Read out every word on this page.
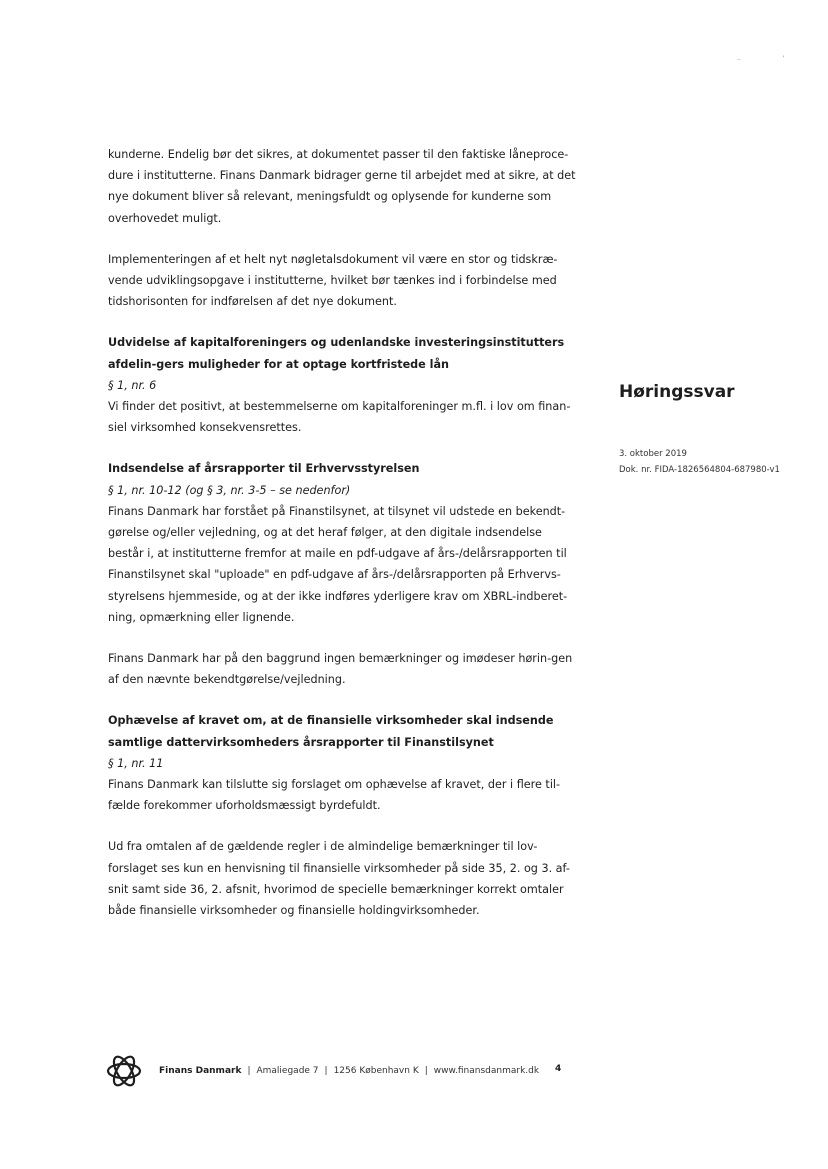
..	'

kunderne. Endelig bør det sikres, at dokumentet passer til den faktiske låneproce-dure i institutterne. Finans Danmark bidrager gerne til arbejdet med at sikre, at det nye dokument bliver så relevant, meningsfuldt og oplysende for kunderne som overhovedet muligt.

Implementeringen af et helt nyt nøgletalsdokument vil være en stor og tidskræ-vende udviklingsopgave i institutterne, hvilket bør tænkes ind i forbindelse med tidshorisonten for indførelsen af det nye dokument.

Udvidelse af kapitalforeningers og udenlandske investeringsinstitutters afdelin-gers muligheder for at optage kortfristede lån

§ 1, nr. 6

Vi finder det positivt, at bestemmelserne om kapitalforeninger m.fl. i lov om finan-siel virksomhed konsekvensrettes.

Indsendelse af årsrapporter til Erhvervsstyrelsen

§ 1, nr. 10-12 (og § 3, nr. 3-5 – se nedenfor)

Finans Danmark har forstået på Finanstilsynet, at tilsynet vil udstede en bekendt-gørelse og/eller vejledning, og at det heraf følger, at den digitale indsendelse består i, at institutterne fremfor at maile en pdf-udgave af års-/delårsrapporten til Finanstilsynet skal "uploade" en pdf-udgave af års-/delårsrapporten på Erhvervs-styrelsens hjemmeside, og at der ikke indføres yderligere krav om XBRL-indberet-ning, opmærkning eller lignende.

Finans Danmark har på den baggrund ingen bemærkninger og imødeser hørin-gen af den nævnte bekendtgørelse/vejledning.

Ophævelse af kravet om, at de finansielle virksomheder skal indsende samtlige dattervirksomheders årsrapporter til Finanstilsynet

§ 1, nr. 11

Finans Danmark kan tilslutte sig forslaget om ophævelse af kravet, der i flere til-fælde forekommer uforholdsmæssigt byrdefuldt.

Ud fra omtalen af de gældende regler i de almindelige bemærkninger til lov-forslaget ses kun en henvisning til finansielle virksomheder på side 35, 2. og 3. af-snit samt side 36, 2. afsnit, hvorimod de specielle bemærkninger korrekt omtaler både finansielle virksomheder og finansielle holdingvirksomheder.

Høringssvar
3. oktober 2019
Dok. nr. FIDA-1826564804-687980-v1
Finans Danmark | Amaliegade 7 | 1256 København K | www.finansdanmark.dk 4
